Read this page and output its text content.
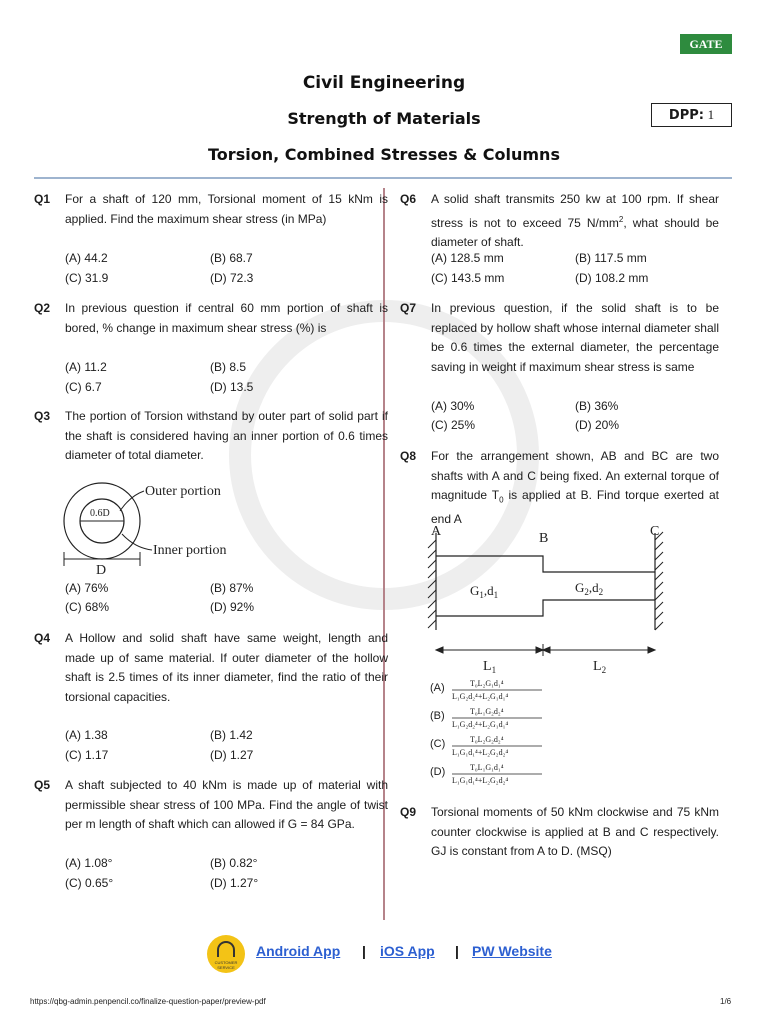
GATE
Civil Engineering
Strength of Materials
Torsion, Combined Stresses & Columns
DPP: 1
Q1 For a shaft of 120 mm, Torsional moment of 15 kNm is applied. Find the maximum shear stress (in MPa)
(A) 44.2	(B) 68.7
(C) 31.9	(D) 72.3
Q2 In previous question if central 60 mm portion of shaft is bored, % change in maximum shear stress (%) is
(A) 11.2	(B) 8.5
(C) 6.7	(D) 13.5
Q3 The portion of Torsion withstand by outer part of solid part if the shaft is considered having an inner portion of 0.6 times diameter of total diameter.
0.6D
Outer portion
Inner portion
D
(A) 76%	(B) 87%
(C) 68%	(D) 92%
Q4 A Hollow and solid shaft have same weight, length and made up of same material. If outer diameter of the hollow shaft is 2.5 times of its inner diameter, find the ratio of their torsional capacities.
(A) 1.38	(B) 1.42
(C) 1.17	(D) 1.27
Q5 A shaft subjected to 40 kNm is made up of material with permissible shear stress of 100 MPa. Find the angle of twist per m length of shaft which can allowed if G = 84 GPa.
(A) 1.08°	(B) 0.82°
(C) 0.65°	(D) 1.27°
Q6 A solid shaft transmits 250 kw at 100 rpm. If shear stress is not to exceed 75 $N/mm^2$, what should be diameter of shaft.
(A) 128.5 mm	(B) 117.5 mm
(C) 143.5 mm	(D) 108.2 mm
Q7 In previous question, if the solid shaft is to be replaced by hollow shaft whose internal diameter shall be 0.6 times the external diameter, the percentage saving in weight if maximum shear stress is same
(A) 30%	(B) 36%
(C) 25%	(D) 20%
Q8 For the arrangement shown, AB and BC are two shafts with A and C being fixed. An external torque of magnitude $T_0$ is applied at B. Find torque exerted at end A
A	B	C
$G_1,d_1$	$G_2,d_2$
$L_1$	$L_2$
(A)
(B)
(C)
(D)
T₀L₂G₁d₁⁴
L₁G₂d₂⁴+L₂G₁d₁⁴
T₀L₁G₂d₂⁴
L₁G₂d₂⁴+L₂G₁d₁⁴
T₀L₂G₂d₂⁴
L₁G₁d₁⁴+L₂G₂d₂⁴
T₀L₁G₁d₁⁴
L₁G₁d₁⁴+L₂G₂d₂⁴
Q9 Torsional moments of 50 kNm clockwise and 75 kNm counter clockwise is applied at B and C respectively. GJ is constant from A to D. (MSQ)
CUSTOMER SERVICE
Android App | iOS App | PW Website
https://qbg-admin.penpencil.co/finalize-question-paper/preview-pdf	1/6
